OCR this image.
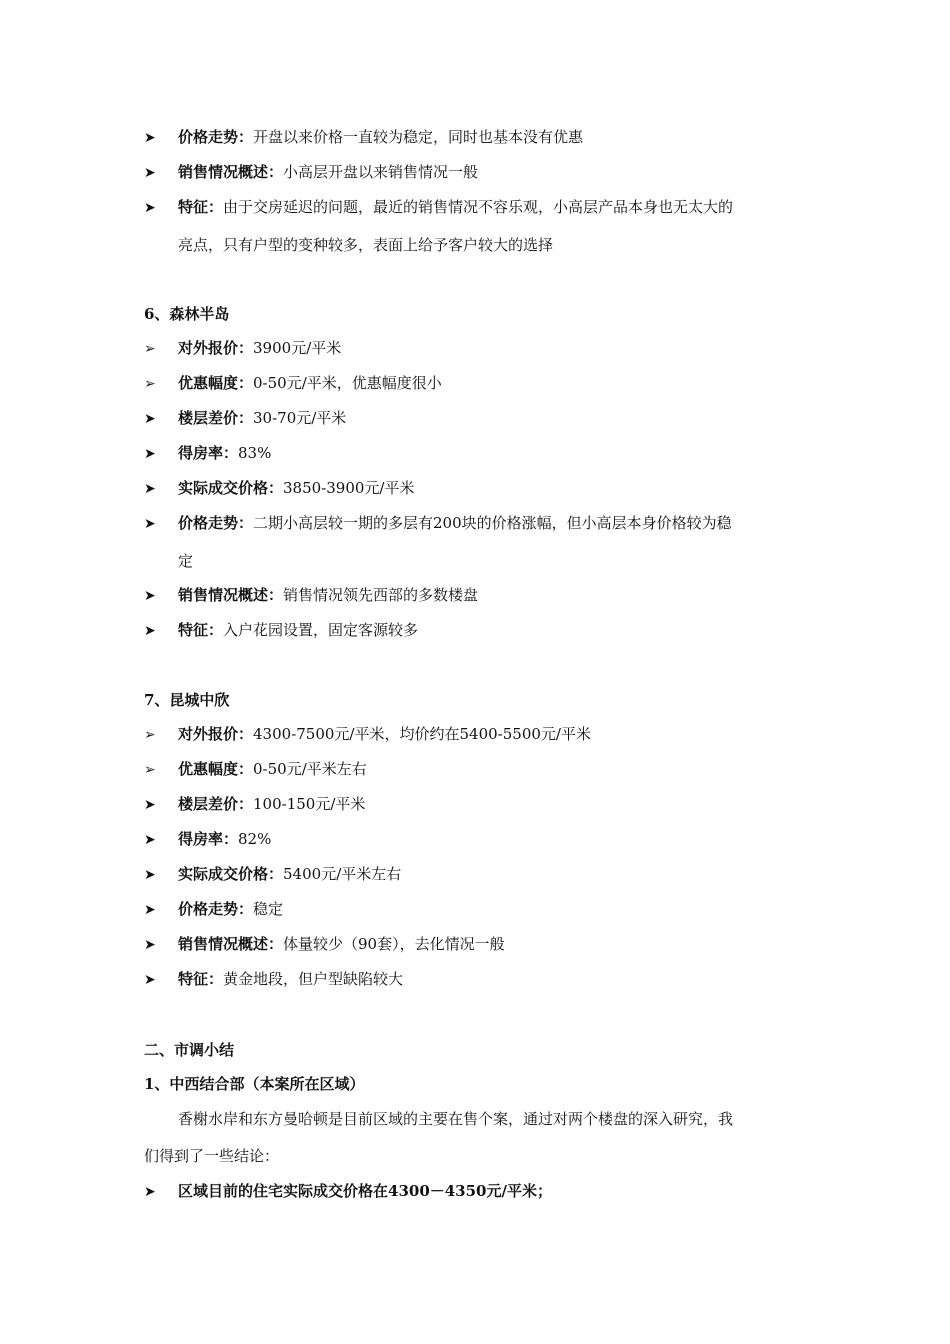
➤ 价格走势：开盘以来价格一直较为稳定，同时也基本没有优惠
➤ 销售情况概述：小高层开盘以来销售情况一般
➤ 特征：由于交房延迟的问题，最近的销售情况不容乐观，小高层产品本身也无太大的
亮点，只有户型的变种较多，表面上给予客户较大的选择
6、森林半岛
➢ 对外报价：3900元/平米
➢ 优惠幅度：0-50元/平米，优惠幅度很小
➤ 楼层差价：30-70元/平米
➤ 得房率：83%
➤ 实际成交价格：3850-3900元/平米
➤ 价格走势：二期小高层较一期的多层有200块的价格涨幅，但小高层本身价格较为稳
定
➤ 销售情况概述：销售情况领先西部的多数楼盘
➤ 特征：入户花园设置，固定客源较多
7、昆城中欣
➢ 对外报价：4300-7500元/平米，均价约在5400-5500元/平米
➢ 优惠幅度：0-50元/平米左右
➤ 楼层差价：100-150元/平米
➤ 得房率：82%
➤ 实际成交价格：5400元/平米左右
➤ 价格走势：稳定
➤ 销售情况概述：体量较少（90套），去化情况一般
➤ 特征：黄金地段，但户型缺陷较大
二、市调小结
1、中西结合部（本案所在区域）
香榭水岸和东方曼哈顿是目前区域的主要在售个案，通过对两个楼盘的深入研究，我
们得到了一些结论：
➤ 区域目前的住宅实际成交价格在4300－4350元/平米；
